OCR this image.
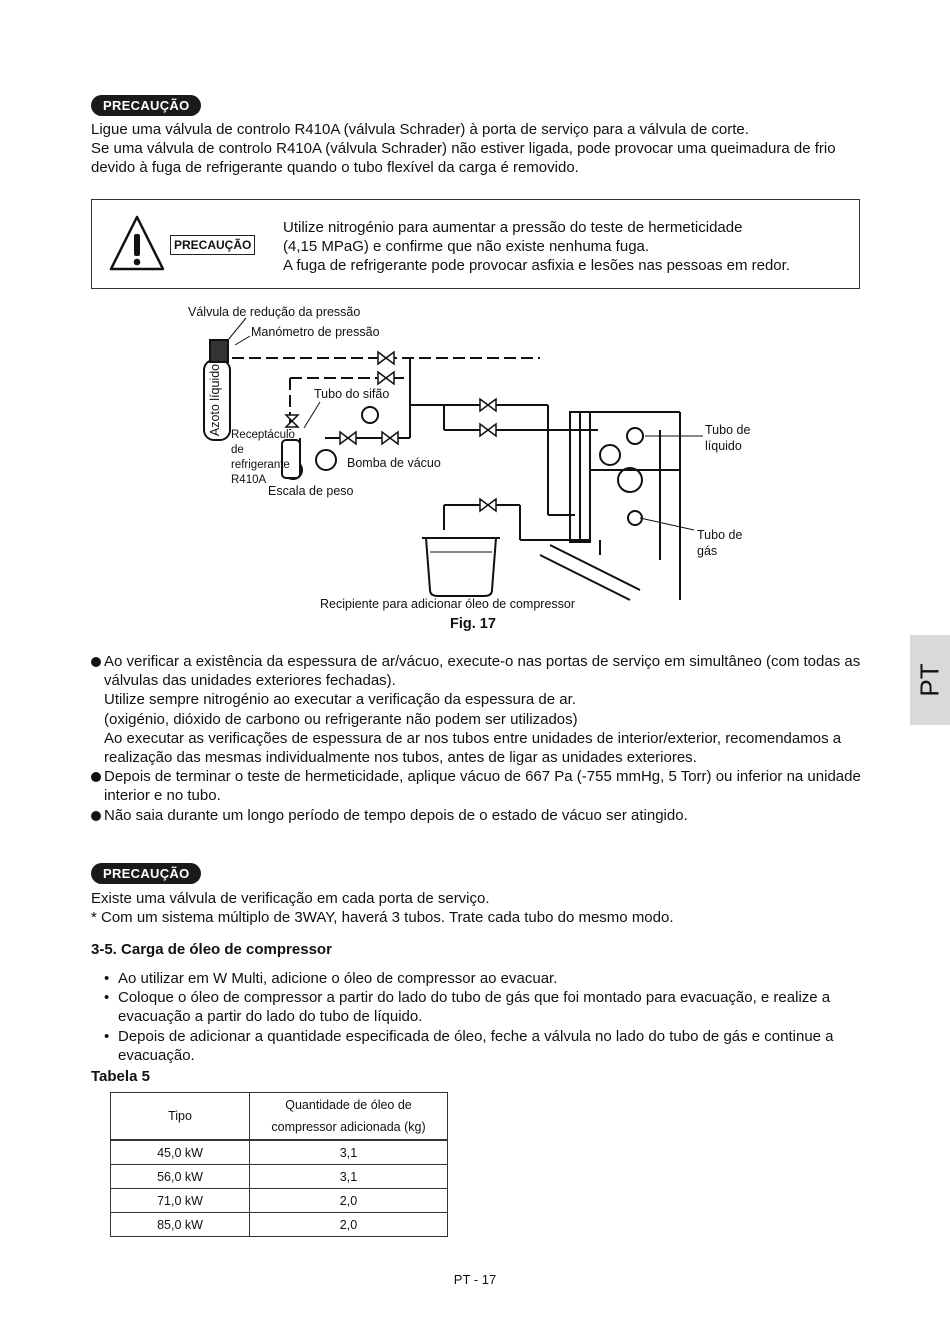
PRECAUÇÃO

Ligue uma válvula de controlo R410A (válvula Schrader) à porta de serviço para a válvula de corte.

Se uma válvula de controlo R410A (válvula Schrader) não estiver ligada, pode provocar uma queimadura de frio devido à fuga de refrigerante quando o tubo flexível da carga é removido.

PRECAUÇÃO

Utilize nitrogénio para aumentar a pressão do teste de hermeticidade

(4,15 MPaG) e confirme que não existe nenhuma fuga.

A fuga de refrigerante pode provocar asfixia e lesões nas pessoas em redor.

Válvula de redução da pressão
Manómetro de pressão
Azoto líquido	Tubo do sifão
Receptáculo
de
refrigerante
R410A
Bomba de vácuo
Escala de peso
Tubo de
líquido
Tubo de
gás
Recipiente para adicionar óleo de compressor
Fig. 17

Ao verificar a existência da espessura de ar/vácuo, execute-o nas portas de serviço em simultâneo (com todas as válvulas das unidades exteriores fechadas).

Utilize sempre nitrogénio ao executar a verificação da espessura de ar.

(oxigénio, dióxido de carbono ou refrigerante não podem ser utilizados)

Ao executar as verificações de espessura de ar nos tubos entre unidades de interior/exterior, recomendamos a realização das mesmas individualmente nos tubos, antes de ligar as unidades exteriores.

Depois de terminar o teste de hermeticidade, aplique vácuo de 667 Pa (-755 mmHg, 5 Torr) ou inferior na unidade interior e no tubo.

Não saia durante um longo período de tempo depois de o estado de vácuo ser atingido.

PRECAUÇÃO

Existe uma válvula de verificação em cada porta de serviço.

* Com um sistema múltiplo de 3WAY, haverá 3 tubos. Trate cada tubo do mesmo modo.

3-5. Carga de óleo de compressor
• Ao utilizar em W Multi, adicione o óleo de compressor ao evacuar.

• Coloque o óleo de compressor a partir do lado do tubo de gás que foi montado para evacuação, e realize a evacuação a partir do lado do tubo de líquido.

• Depois de adicionar a quantidade especificada de óleo, feche a válvula no lado do tubo de gás e continue a evacuação.

Tabela 5
Tipo	Quantidade de óleo de
compressor adicionada (kg)

45,0 kW	3,1
56,0 kW	3,1
71,0 kW	2,0
85,0 kW	2,0
PT - 17
PT
